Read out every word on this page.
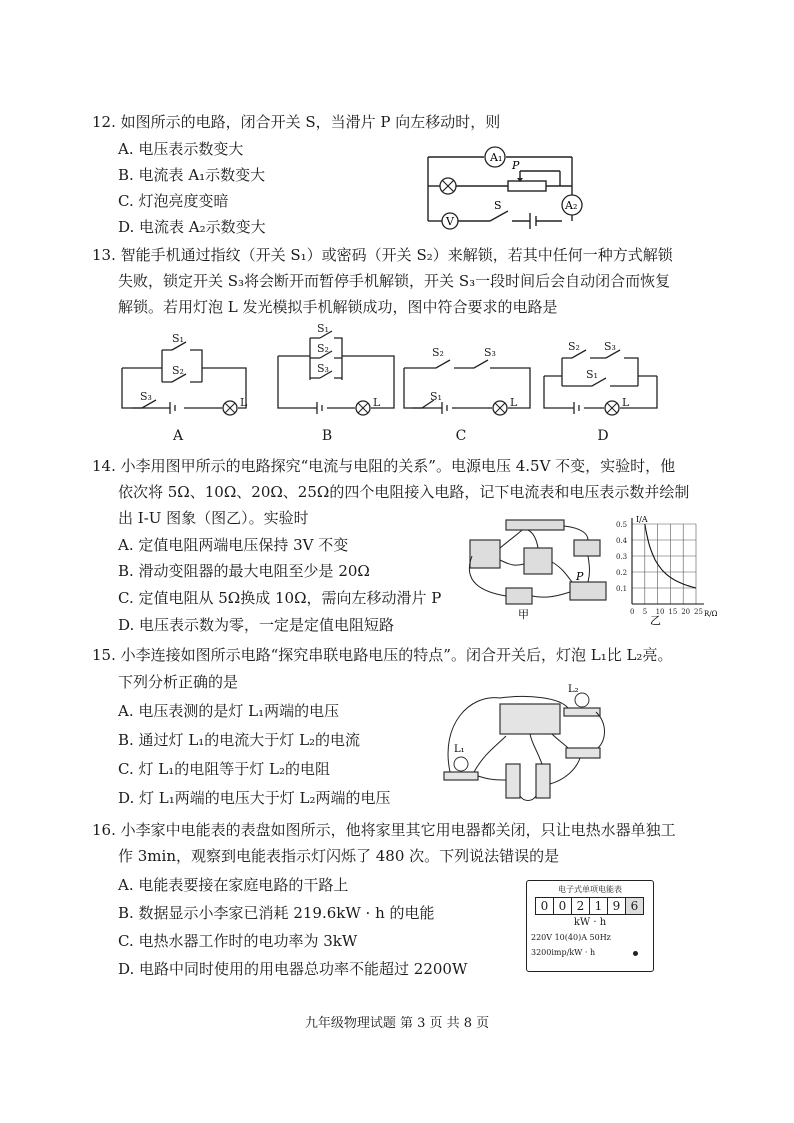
12. 如图所示的电路，闭合开关 S，当滑片 P 向左移动时，则
A. 电压表示数变大
B. 电流表 A₁示数变大
C. 灯泡亮度变暗
D. 电流表 A₂示数变大
A₁
A₂
V
P
S
13. 智能手机通过指纹（开关 S₁）或密码（开关 S₂）来解锁，若其中任何一种方式解锁
失败，锁定开关 S₃将会断开而暂停手机解锁，开关 S₃一段时间后会自动闭合而恢复
解锁。若用灯泡 L 发光模拟手机解锁成功，图中符合要求的电路是
S₁
S₂
S₃	L
S₁
S₂
S₃
L
S₂	S₃
S₁	L
S₂ S₃
S₁
L
A	B	C	D
14. 小李用图甲所示的电路探究“电流与电阻的关系”。电源电压 4.5V 不变，实验时，他
依次将 5Ω、10Ω、20Ω、25Ω的四个电阻接入电路，记下电流表和电压表示数并绘制
出 I-U 图象（图乙）。实验时
A. 定值电阻两端电压保持 3V 不变
B. 滑动变阻器的最大电阻至少是 20Ω
C. 定值电阻从 5Ω换成 10Ω，需向左移动滑片 P
D. 电压表示数为零，一定是定值电阻短路
P
甲
0.5
0.4
0.3
0.2
0.1
0 5 10 15 20 25
I/A
R/Ω
乙
15. 小李连接如图所示电路“探究串联电路电压的特点”。闭合开关后，灯泡 L₁比 L₂亮。
下列分析正确的是
A. 电压表测的是灯 L₁两端的电压
B. 通过灯 L₁的电流大于灯 L₂的电流
C. 灯 L₁的电阻等于灯 L₂的电阻
D. 灯 L₁两端的电压大于灯 L₂两端的电压
L₁
L₂
16. 小李家中电能表的表盘如图所示，他将家里其它用电器都关闭，只让电热水器单独工
作 3min，观察到电能表指示灯闪烁了 480 次。下列说法错误的是
A. 电能表要接在家庭电路的干路上
B. 数据显示小李家已消耗 219.6kW · h 的电能
C. 电热水器工作时的电功率为 3kW
D. 电路中同时使用的用电器总功率不能超过 2200W
电子式单项电能表
0 0 2 1 9 6
kW · h
220V 10(40)A 50Hz
3200imp/kW · h
九年级物理试题 第 3 页 共 8 页
